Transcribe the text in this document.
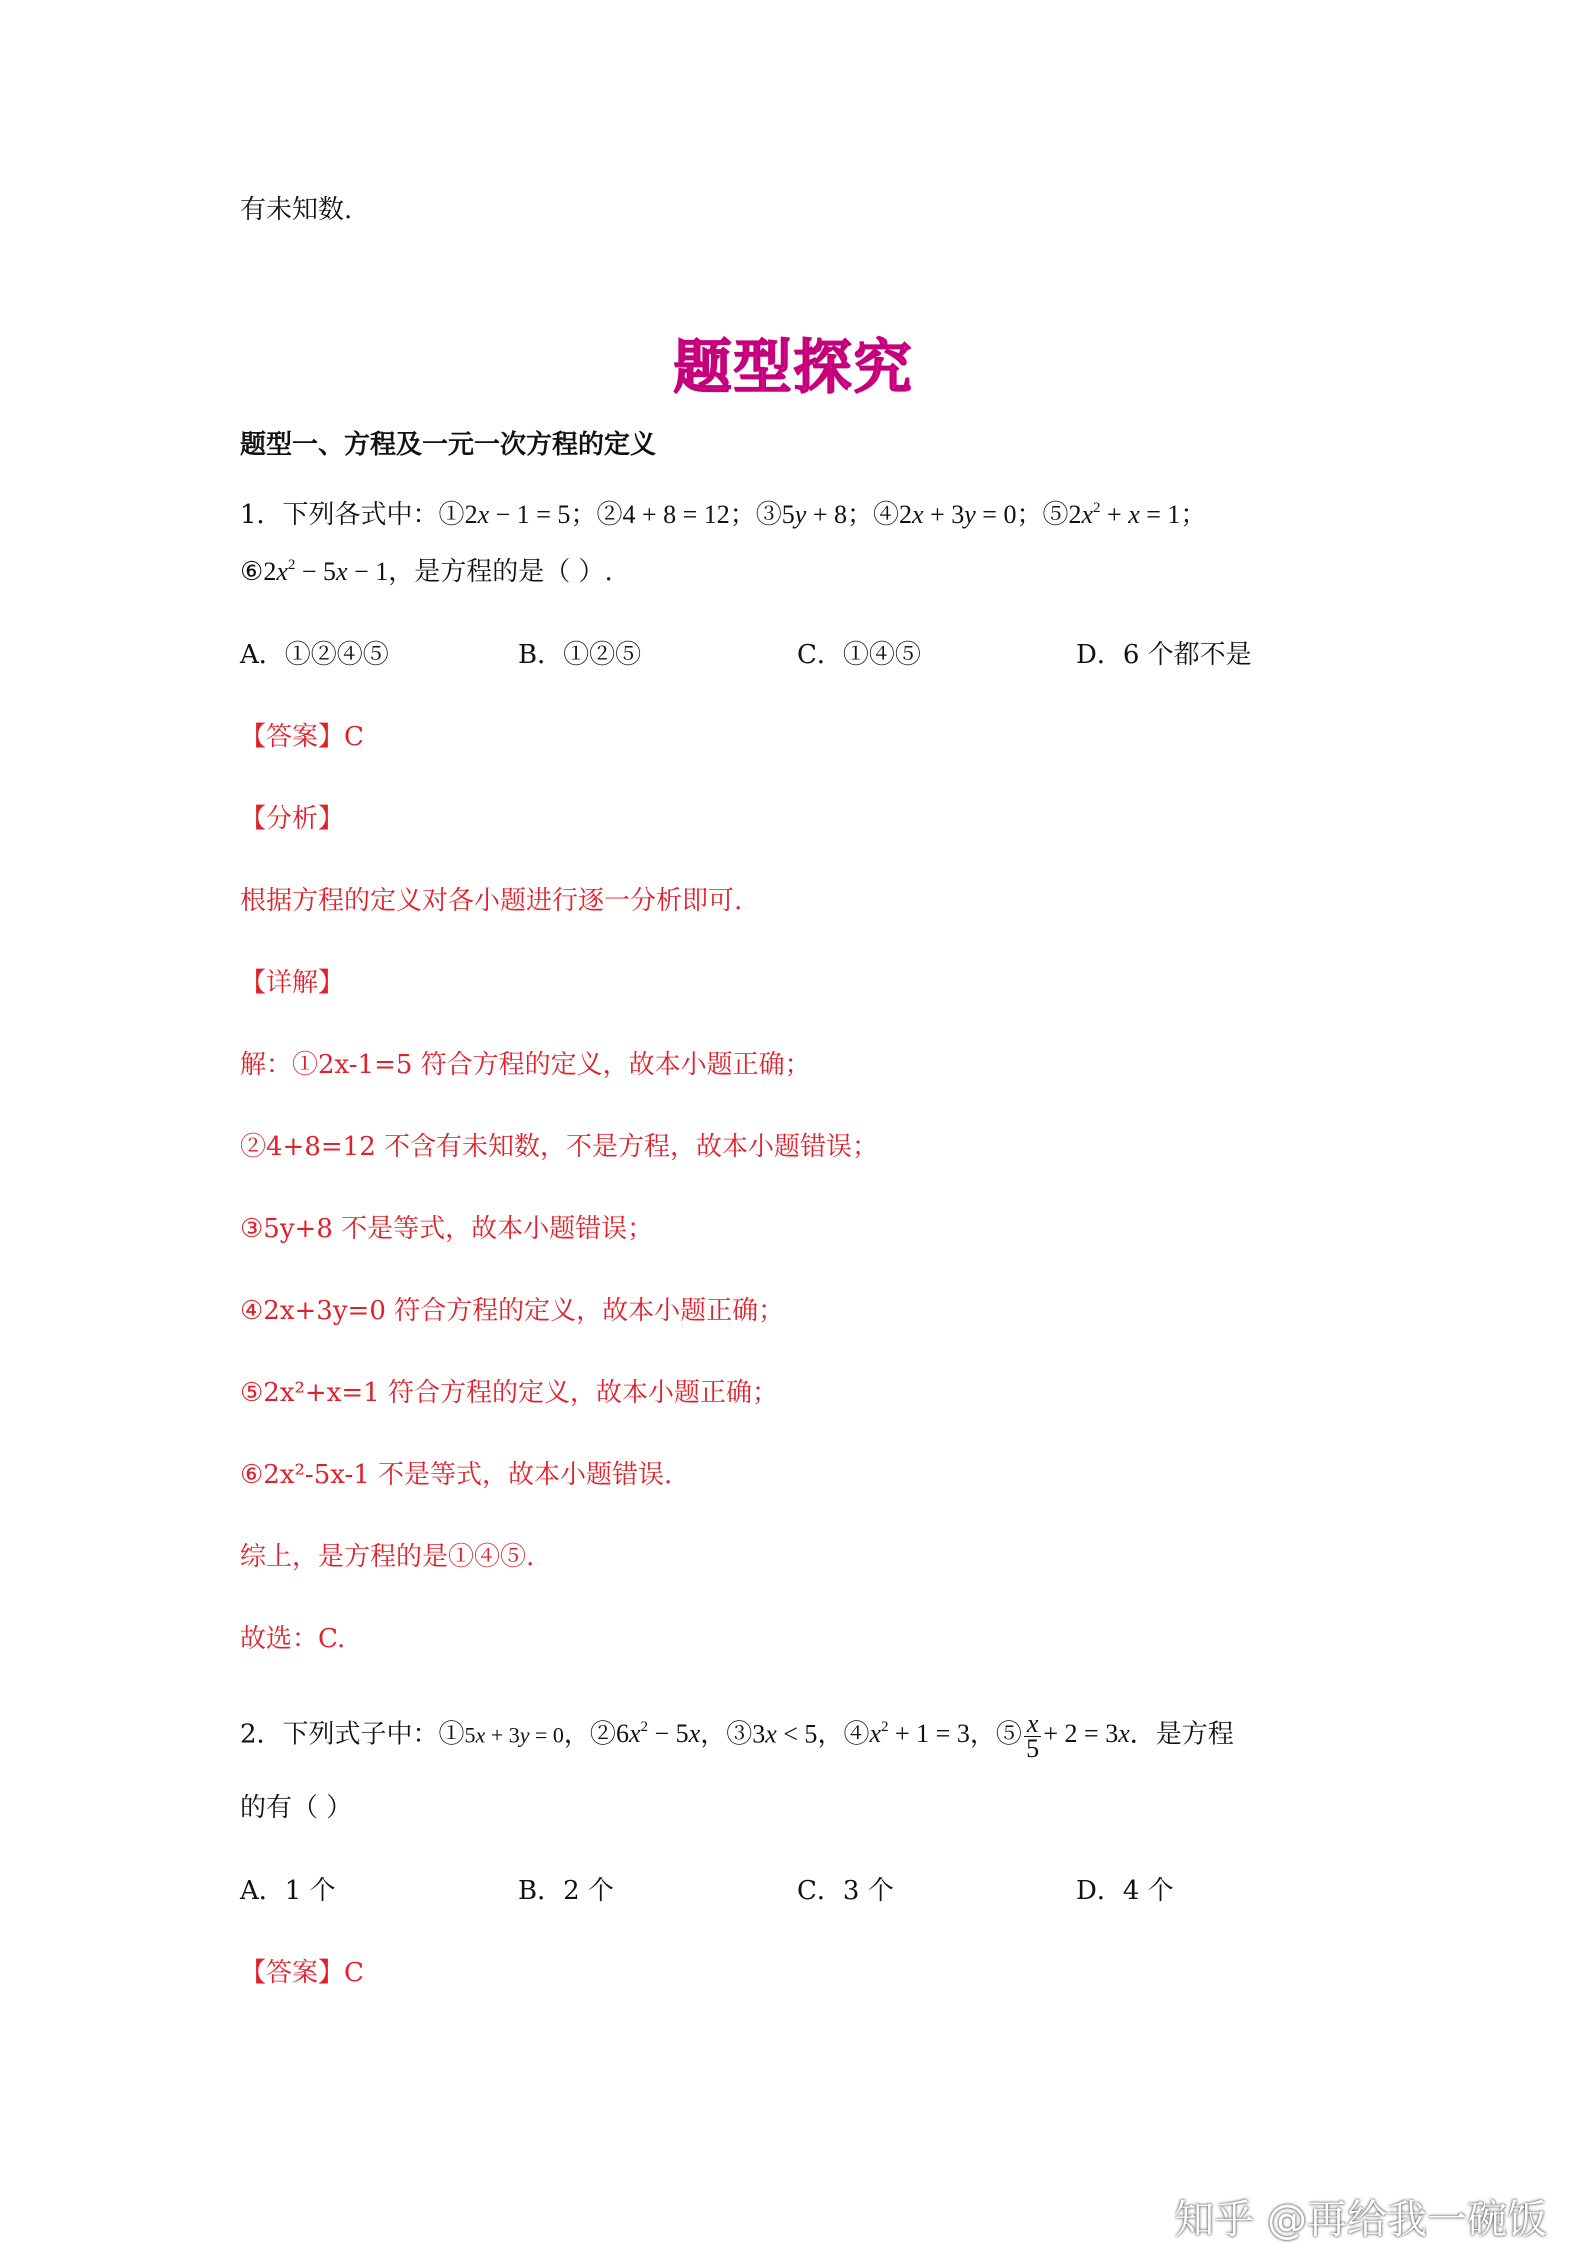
有未知数.
题型探究
题型一、方程及一元一次方程的定义
1．下列各式中：①2x − 1 = 5；②4 + 8 = 12；③5y + 8；④2x + 3y = 0；$⑤2x^2 + x = 1$；
$⑥2x^2 - 5x - 1$，是方程的是（ ）.
A．①②④⑤	B．①②⑤	C．①④⑤	D．6 个都不是
【答案】C
【分析】
根据方程的定义对各小题进行逐一分析即可.
【详解】
解：①2x-1=5 符合方程的定义，故本小题正确；
②4+8=12 不含有未知数，不是方程，故本小题错误；
③5y+8 不是等式，故本小题错误；
④2x+3y=0 符合方程的定义，故本小题正确；
⑤2x²+x=1 符合方程的定义，故本小题正确；
⑥2x²-5x-1 不是等式，故本小题错误.
综上，是方程的是①④⑤.
故选：C.
2．下列式子中：①5x + 3y = 0，$②6x^2 - 5x$，③3x < 5，$④x^2 + 1 = 3$，⑤ $\frac{x}{5} + 2 = 3x$．是方程
的有（ ）
A．1 个	B．2 个	C．3 个	D．4 个
【答案】C
知乎 @再给我一碗饭
